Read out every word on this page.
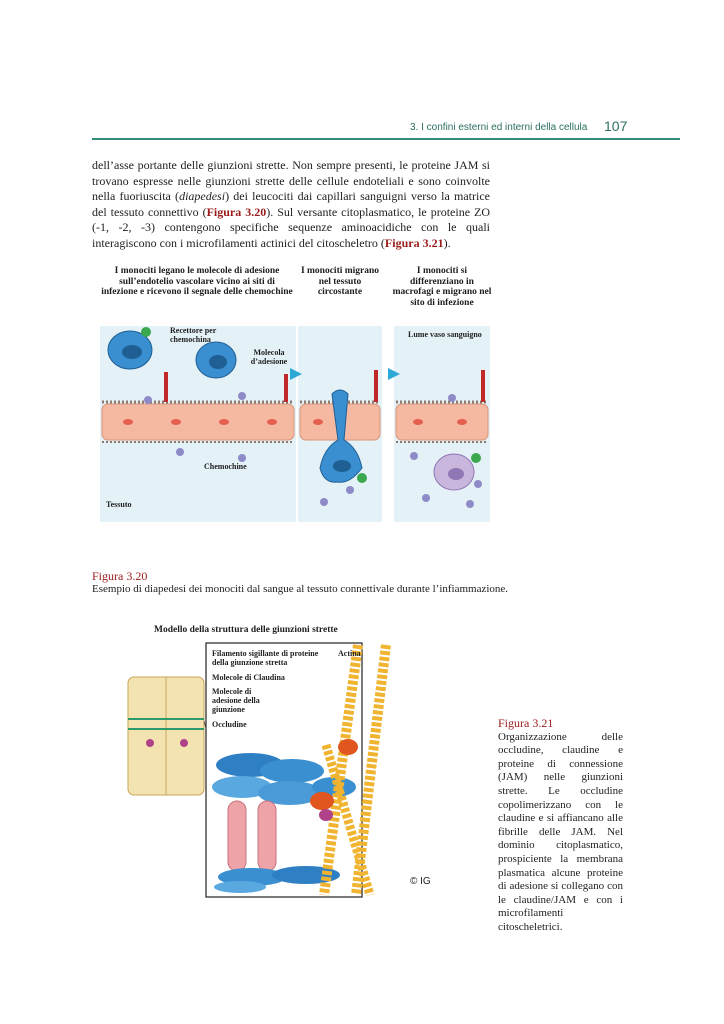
3. I confini esterni ed interni della cellula 107
dell’asse portante delle giunzioni strette. Non sempre presenti, le proteine JAM si trovano espresse nelle giunzioni strette delle cellule endoteliali e sono coinvolte nella fuoriuscita (diapedesi) dei leucociti dai capillari sanguigni verso la matrice del tessuto connettivo (Figura 3.20). Sul versante citoplasmatico, le proteine ZO (-1, -2, -3) contengono specifiche sequenze aminoacidiche con le quali interagiscono con i microfilamenti actinici del citoscheletro (Figura 3.21).
I monociti legano le molecole di adesione sull’endotelio vascolare vicino ai siti di infezione e ricevono il segnale delle chemochine
I monociti migrano nel tessuto circostante
I monociti si differenziano in macrofagi e migrano nel sito di infezione
Recettore per chemochina
Molecola d’adesione
Lume vaso sanguigno
Chemochine
Tessuto
Figura 3.20
Esempio di diapedesi dei monociti dal sangue al tessuto connettivale durante l’infiammazione.
Modello della struttura delle giunzioni strette
Filamento sigillante di proteine della giunzione stretta
Actina
Molecole di Claudina
Molecole di adesione della giunzione
Occludine
© IG
Figura 3.21
Organizzazione delle occludine, claudine e proteine di connessione (JAM) nelle giunzioni strette. Le occludine copolimerizzano con le claudine e si affiancano alle fibrille delle JAM. Nel dominio citoplasmatico, prospiciente la membrana plasmatica alcune proteine di adesione si collegano con le claudine/JAM e con i microfilamenti citoscheletrici.
